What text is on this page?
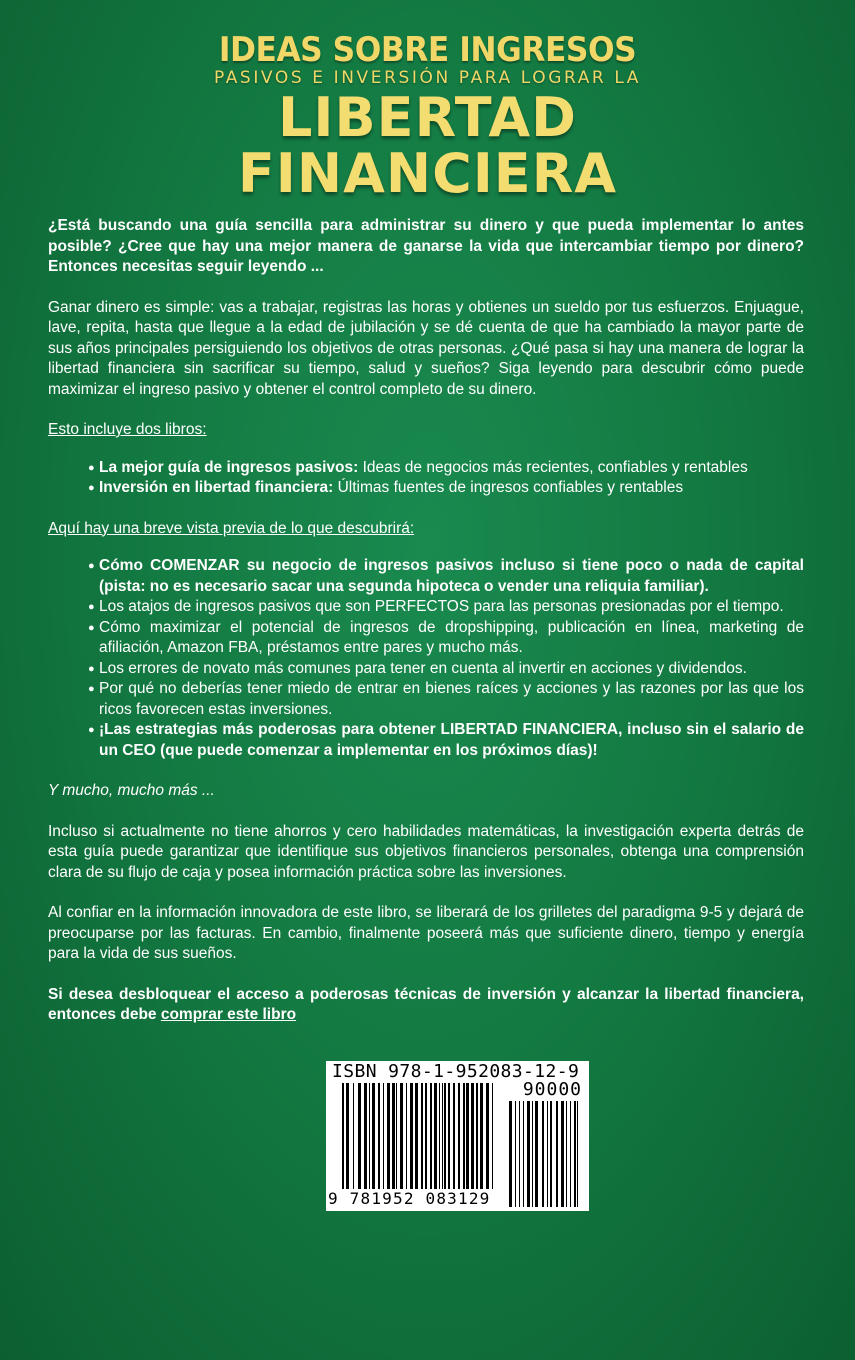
IDEAS SOBRE INGRESOS
PASIVOS E INVERSIÓN PARA LOGRAR LA
LIBERTAD
FINANCIERA

¿Está buscando una guía sencilla para administrar su dinero y que pueda implementar lo antes posible? ¿Cree que hay una mejor manera de ganarse la vida que intercambiar tiempo por dinero? Entonces necesitas seguir leyendo ...

Ganar dinero es simple: vas a trabajar, registras las horas y obtienes un sueldo por tus esfuerzos. Enjuague, lave, repita, hasta que llegue a la edad de jubilación y se dé cuenta de que ha cambiado la mayor parte de sus años principales persiguiendo los objetivos de otras personas. ¿Qué pasa si hay una manera de lograr la libertad financiera sin sacrificar su tiempo, salud y sueños? Siga leyendo para descubrir cómo puede maximizar el ingreso pasivo y obtener el control completo de su dinero.

Esto incluye dos libros:

● La mejor guía de ingresos pasivos: Ideas de negocios más recientes, confiables y rentables
● Inversión en libertad financiera: Últimas fuentes de ingresos confiables y rentables

Aquí hay una breve vista previa de lo que descubrirá:

● Cómo COMENZAR su negocio de ingresos pasivos incluso si tiene poco o nada de capital (pista: no es necesario sacar una segunda hipoteca o vender una reliquia familiar).
● Los atajos de ingresos pasivos que son PERFECTOS para las personas presionadas por el tiempo.
● Cómo maximizar el potencial de ingresos de dropshipping, publicación en línea, marketing de afiliación, Amazon FBA, préstamos entre pares y mucho más.
● Los errores de novato más comunes para tener en cuenta al invertir en acciones y dividendos.
● Por qué no deberías tener miedo de entrar en bienes raíces y acciones y las razones por las que los ricos favorecen estas inversiones.
● ¡Las estrategias más poderosas para obtener LIBERTAD FINANCIERA, incluso sin el salario de un CEO (que puede comenzar a implementar en los próximos días)!

Y mucho, mucho más ...

Incluso si actualmente no tiene ahorros y cero habilidades matemáticas, la investigación experta detrás de esta guía puede garantizar que identifique sus objetivos financieros personales, obtenga una comprensión clara de su flujo de caja y posea información práctica sobre las inversiones.

Al confiar en la información innovadora de este libro, se liberará de los grilletes del paradigma 9-5 y dejará de preocuparse por las facturas. En cambio, finalmente poseerá más que suficiente dinero, tiempo y energía para la vida de sus sueños.

Si desea desbloquear el acceso a poderosas técnicas de inversión y alcanzar la libertad financiera, entonces debe comprar este libro

ISBN 978-1-952083-12-9
90000
9 781952 083129
